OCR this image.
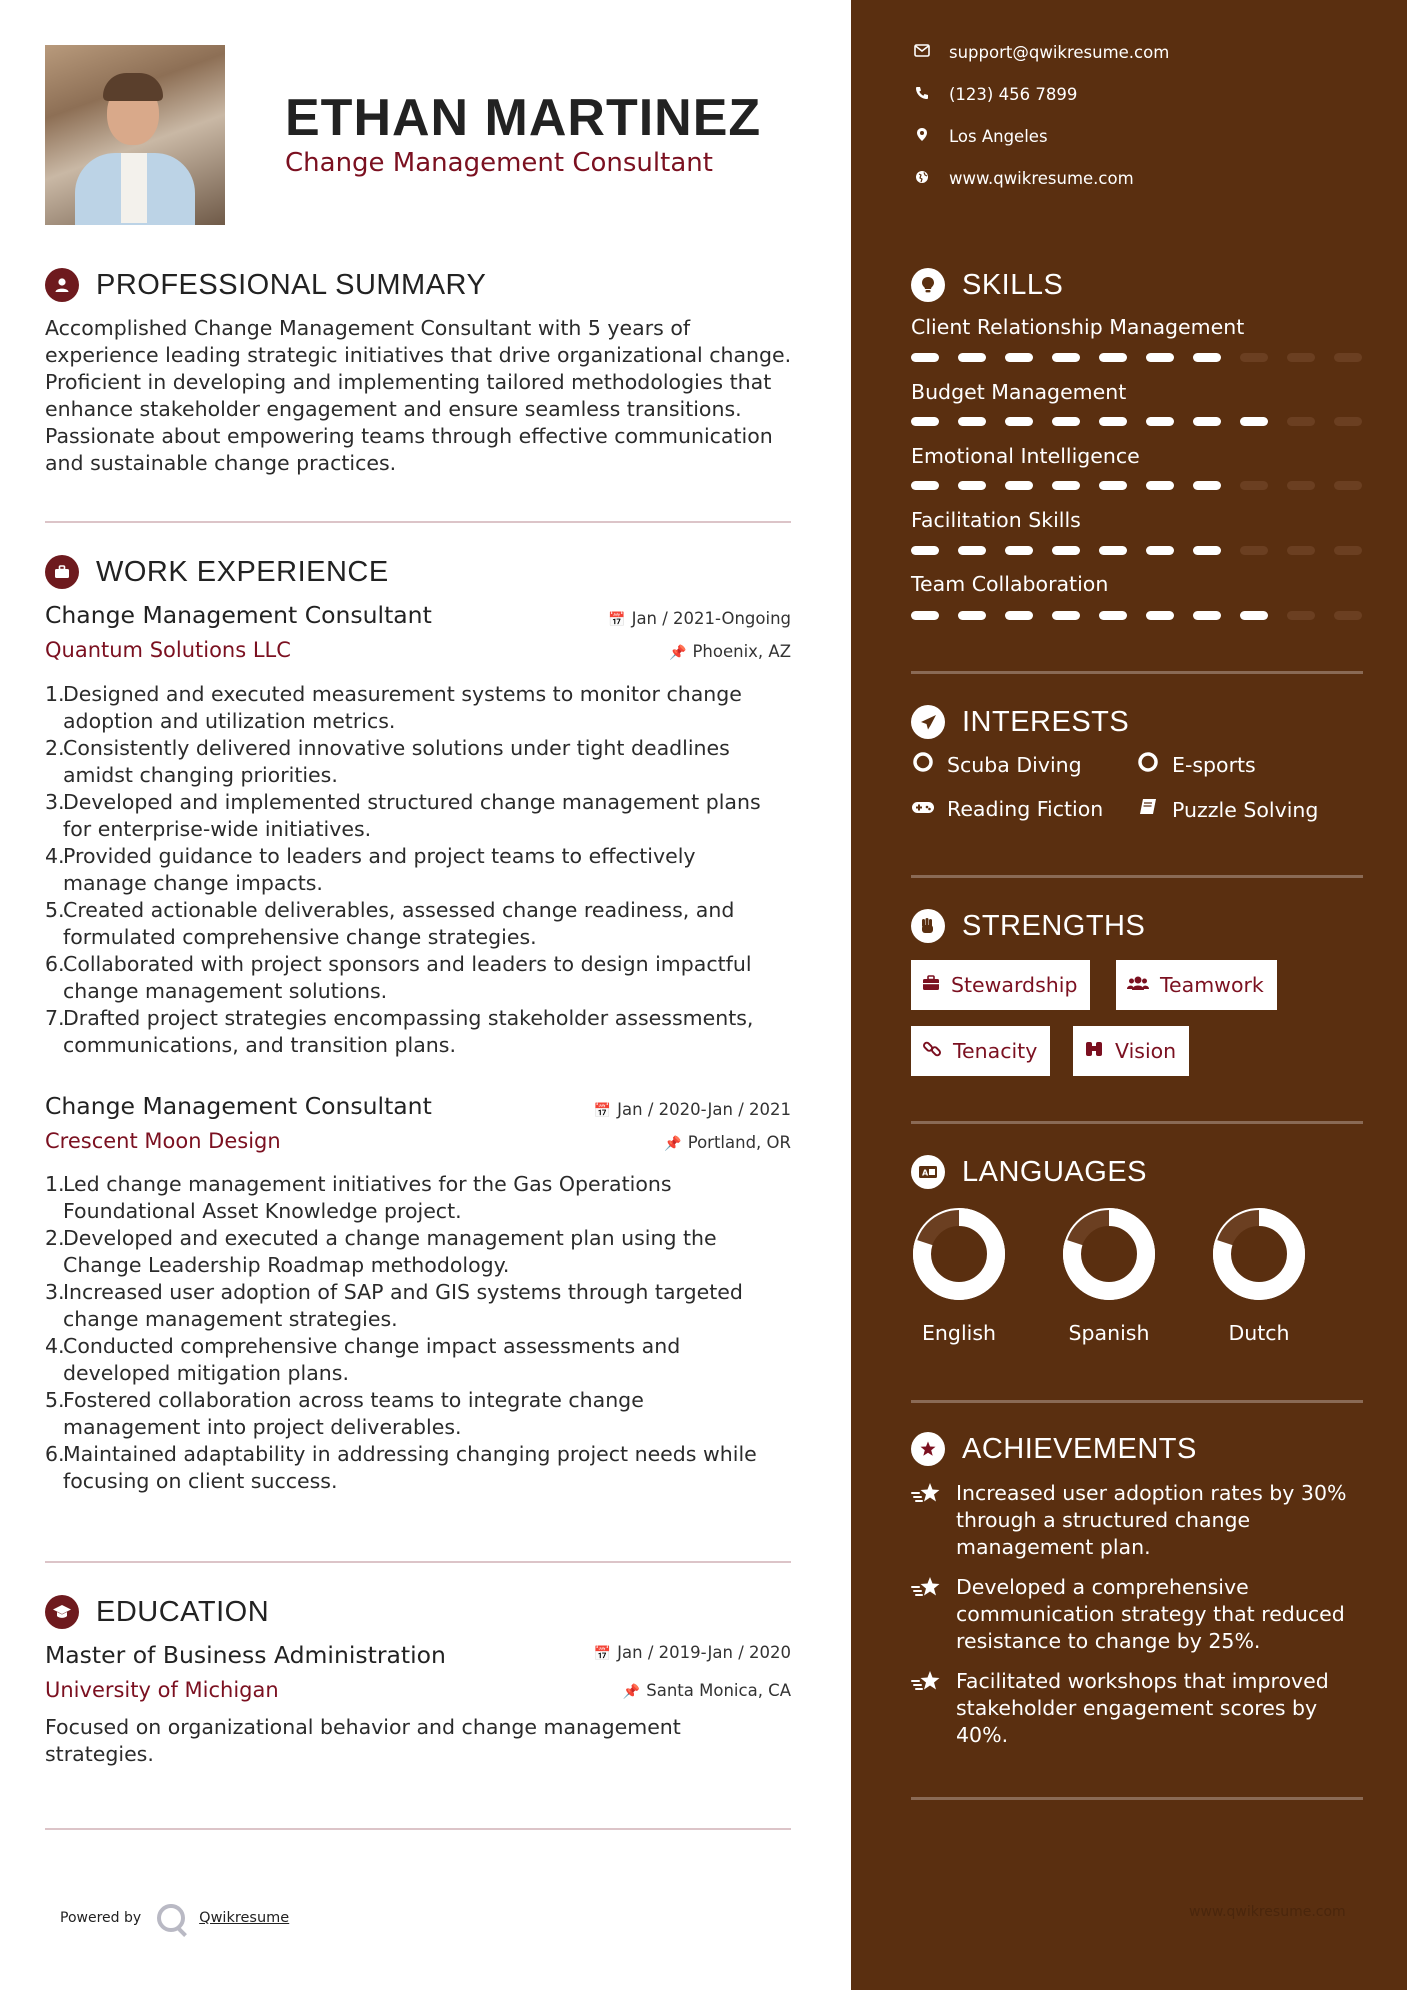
ETHAN MARTINEZ
Change Management Consultant
PROFESSIONAL SUMMARY
Accomplished Change Management Consultant with 5 years of experience leading strategic initiatives that drive organizational change. Proficient in developing and implementing tailored methodologies that enhance stakeholder engagement and ensure seamless transitions. Passionate about empowering teams through effective communication and sustainable change practices.
WORK EXPERIENCE
Change Management Consultant	📅 Jan / 2021-Ongoing
Quantum Solutions LLC	📌 Phoenix, AZ
1.
Designed and executed measurement systems to monitor change
adoption and utilization metrics.
2.
Consistently delivered innovative solutions under tight deadlines
amidst changing priorities.
3.
Developed and implemented structured change management plans
for enterprise-wide initiatives.
4.
Provided guidance to leaders and project teams to effectively
manage change impacts.
5.
Created actionable deliverables, assessed change readiness, and
formulated comprehensive change strategies.
6.
Collaborated with project sponsors and leaders to design impactful
change management solutions.
7.
Drafted project strategies encompassing stakeholder assessments,
communications, and transition plans.
Change Management Consultant	📅 Jan / 2020-Jan / 2021
Crescent Moon Design	📌 Portland, OR
1.
Led change management initiatives for the Gas Operations
Foundational Asset Knowledge project.
2.
Developed and executed a change management plan using the
Change Leadership Roadmap methodology.
3.
Increased user adoption of SAP and GIS systems through targeted
change management strategies.
4.
Conducted comprehensive change impact assessments and
developed mitigation plans.
5.
Fostered collaboration across teams to integrate change
management into project deliverables.
6.
Maintained adaptability in addressing changing project needs while
focusing on client success.
EDUCATION
Master of Business Administration	📅 Jan / 2019-Jan / 2020
University of Michigan	📌 Santa Monica, CA
Focused on organizational behavior and change management strategies.
Powered by	Qwikresume
support@qwikresume.com
(123) 456 7899
Los Angeles
www.qwikresume.com
SKILLS
Client Relationship Management
Budget Management
Emotional Intelligence
Facilitation Skills
Team Collaboration
INTERESTS
Scuba Diving	E-sports
Reading Fiction	Puzzle Solving
STRENGTHS
Stewardship	Teamwork
Tenacity	Vision
A LANGUAGES
English	Spanish	Dutch
ACHIEVEMENTS
Increased user adoption rates by 30% through a structured change management plan.
Developed a comprehensive communication strategy that reduced resistance to change by 25%.
Facilitated workshops that improved stakeholder engagement scores by 40%.
www.qwikresume.com
